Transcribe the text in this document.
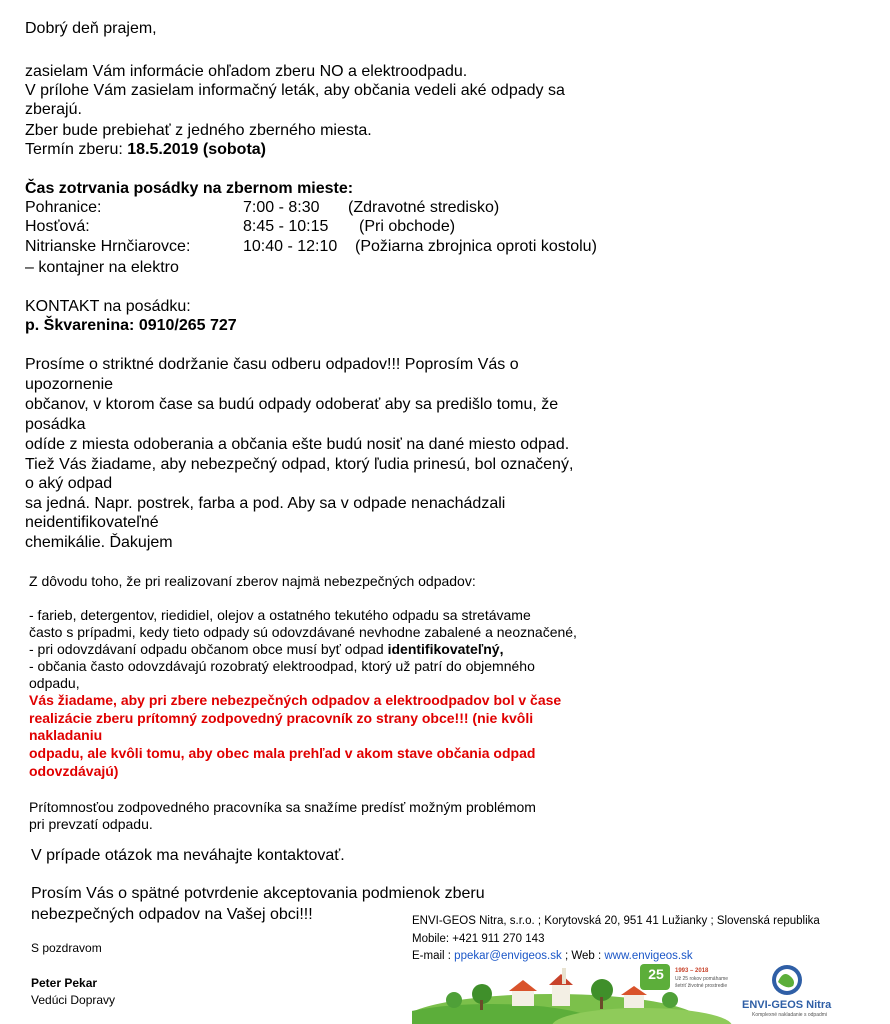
Dobrý deň prajem,
zasielam Vám informácie ohľadom zberu NO a elektroodpadu.
V prílohe Vám zasielam informačný leták, aby občania vedeli aké odpady sa
zberajú.
Zber bude prebiehať z jedného zberného miesta.
Termín zberu: 18.5.2019 (sobota)
Čas zotrvania posádky na zbernom mieste:
Pohranice:	7:00 - 8:30 (Zdravotné stredisko)
Hosťová:	8:45 - 10:15 (Pri obchode)
Nitrianske Hrnčiarovce:	10:40 - 12:10 (Požiarna zbrojnica oproti kostolu)
– kontajner na elektro
KONTAKT na posádku:
p. Škvarenina: 0910/265 727
Prosíme o striktné dodržanie času odberu odpadov!!! Poprosím Vás o
upozornenie
občanov, v ktorom čase sa budú odpady odoberať aby sa predišlo tomu, že
posádka
odíde z miesta odoberania a občania ešte budú nosiť na dané miesto odpad.
Tiež Vás žiadame, aby nebezpečný odpad, ktorý ľudia prinesú, bol označený,
o aký odpad
sa jedná. Napr. postrek, farba a pod. Aby sa v odpade nenachádzali
neidentifikovateľné
chemikálie. Ďakujem
Z dôvodu toho, že pri realizovaní zberov najmä nebezpečných odpadov:
- farieb, detergentov, riedidiel, olejov a ostatného tekutého odpadu sa stretávame
často s prípadmi, kedy tieto odpady sú odovzdávané nevhodne zabalené a neoznačené,
- pri odovzdávaní odpadu občanom obce musí byť odpad identifikovateľný,
- občania často odovzdávajú rozobratý elektroodpad, ktorý už patrí do objemného
odpadu,
Vás žiadame, aby pri zbere nebezpečných odpadov a elektroodpadov bol v čase
realizácie zberu prítomný zodpovedný pracovník zo strany obce!!! (nie kvôli
nakladaniu
odpadu, ale kvôli tomu, aby obec mala prehľad v akom stave občania odpad
odovzdávajú)
Prítomnosťou zodpovedného pracovníka sa snažíme predísť možným problémom
pri prevzatí odpadu.
V prípade otázok ma neváhajte kontaktovať.
Prosím Vás o spätné potvrdenie akceptovania podmienok zberu
nebezpečných odpadov na Vašej obci!!!
S pozdravom
Peter Pekar
Vedúci Dopravy
ENVI-GEOS Nitra, s.r.o. ; Korytovská 20, 951 41 Lužianky ; Slovenská republika
Mobile: +421 911 270 143
E-mail : ppekar@envigeos.sk ; Web : www.envigeos.sk
25	1993 – 2018
Už 25 rokov pomáhame
šetriť životné prostredie
ENVI-GEOS Nitra
Komplexné nakladanie s odpadmi
